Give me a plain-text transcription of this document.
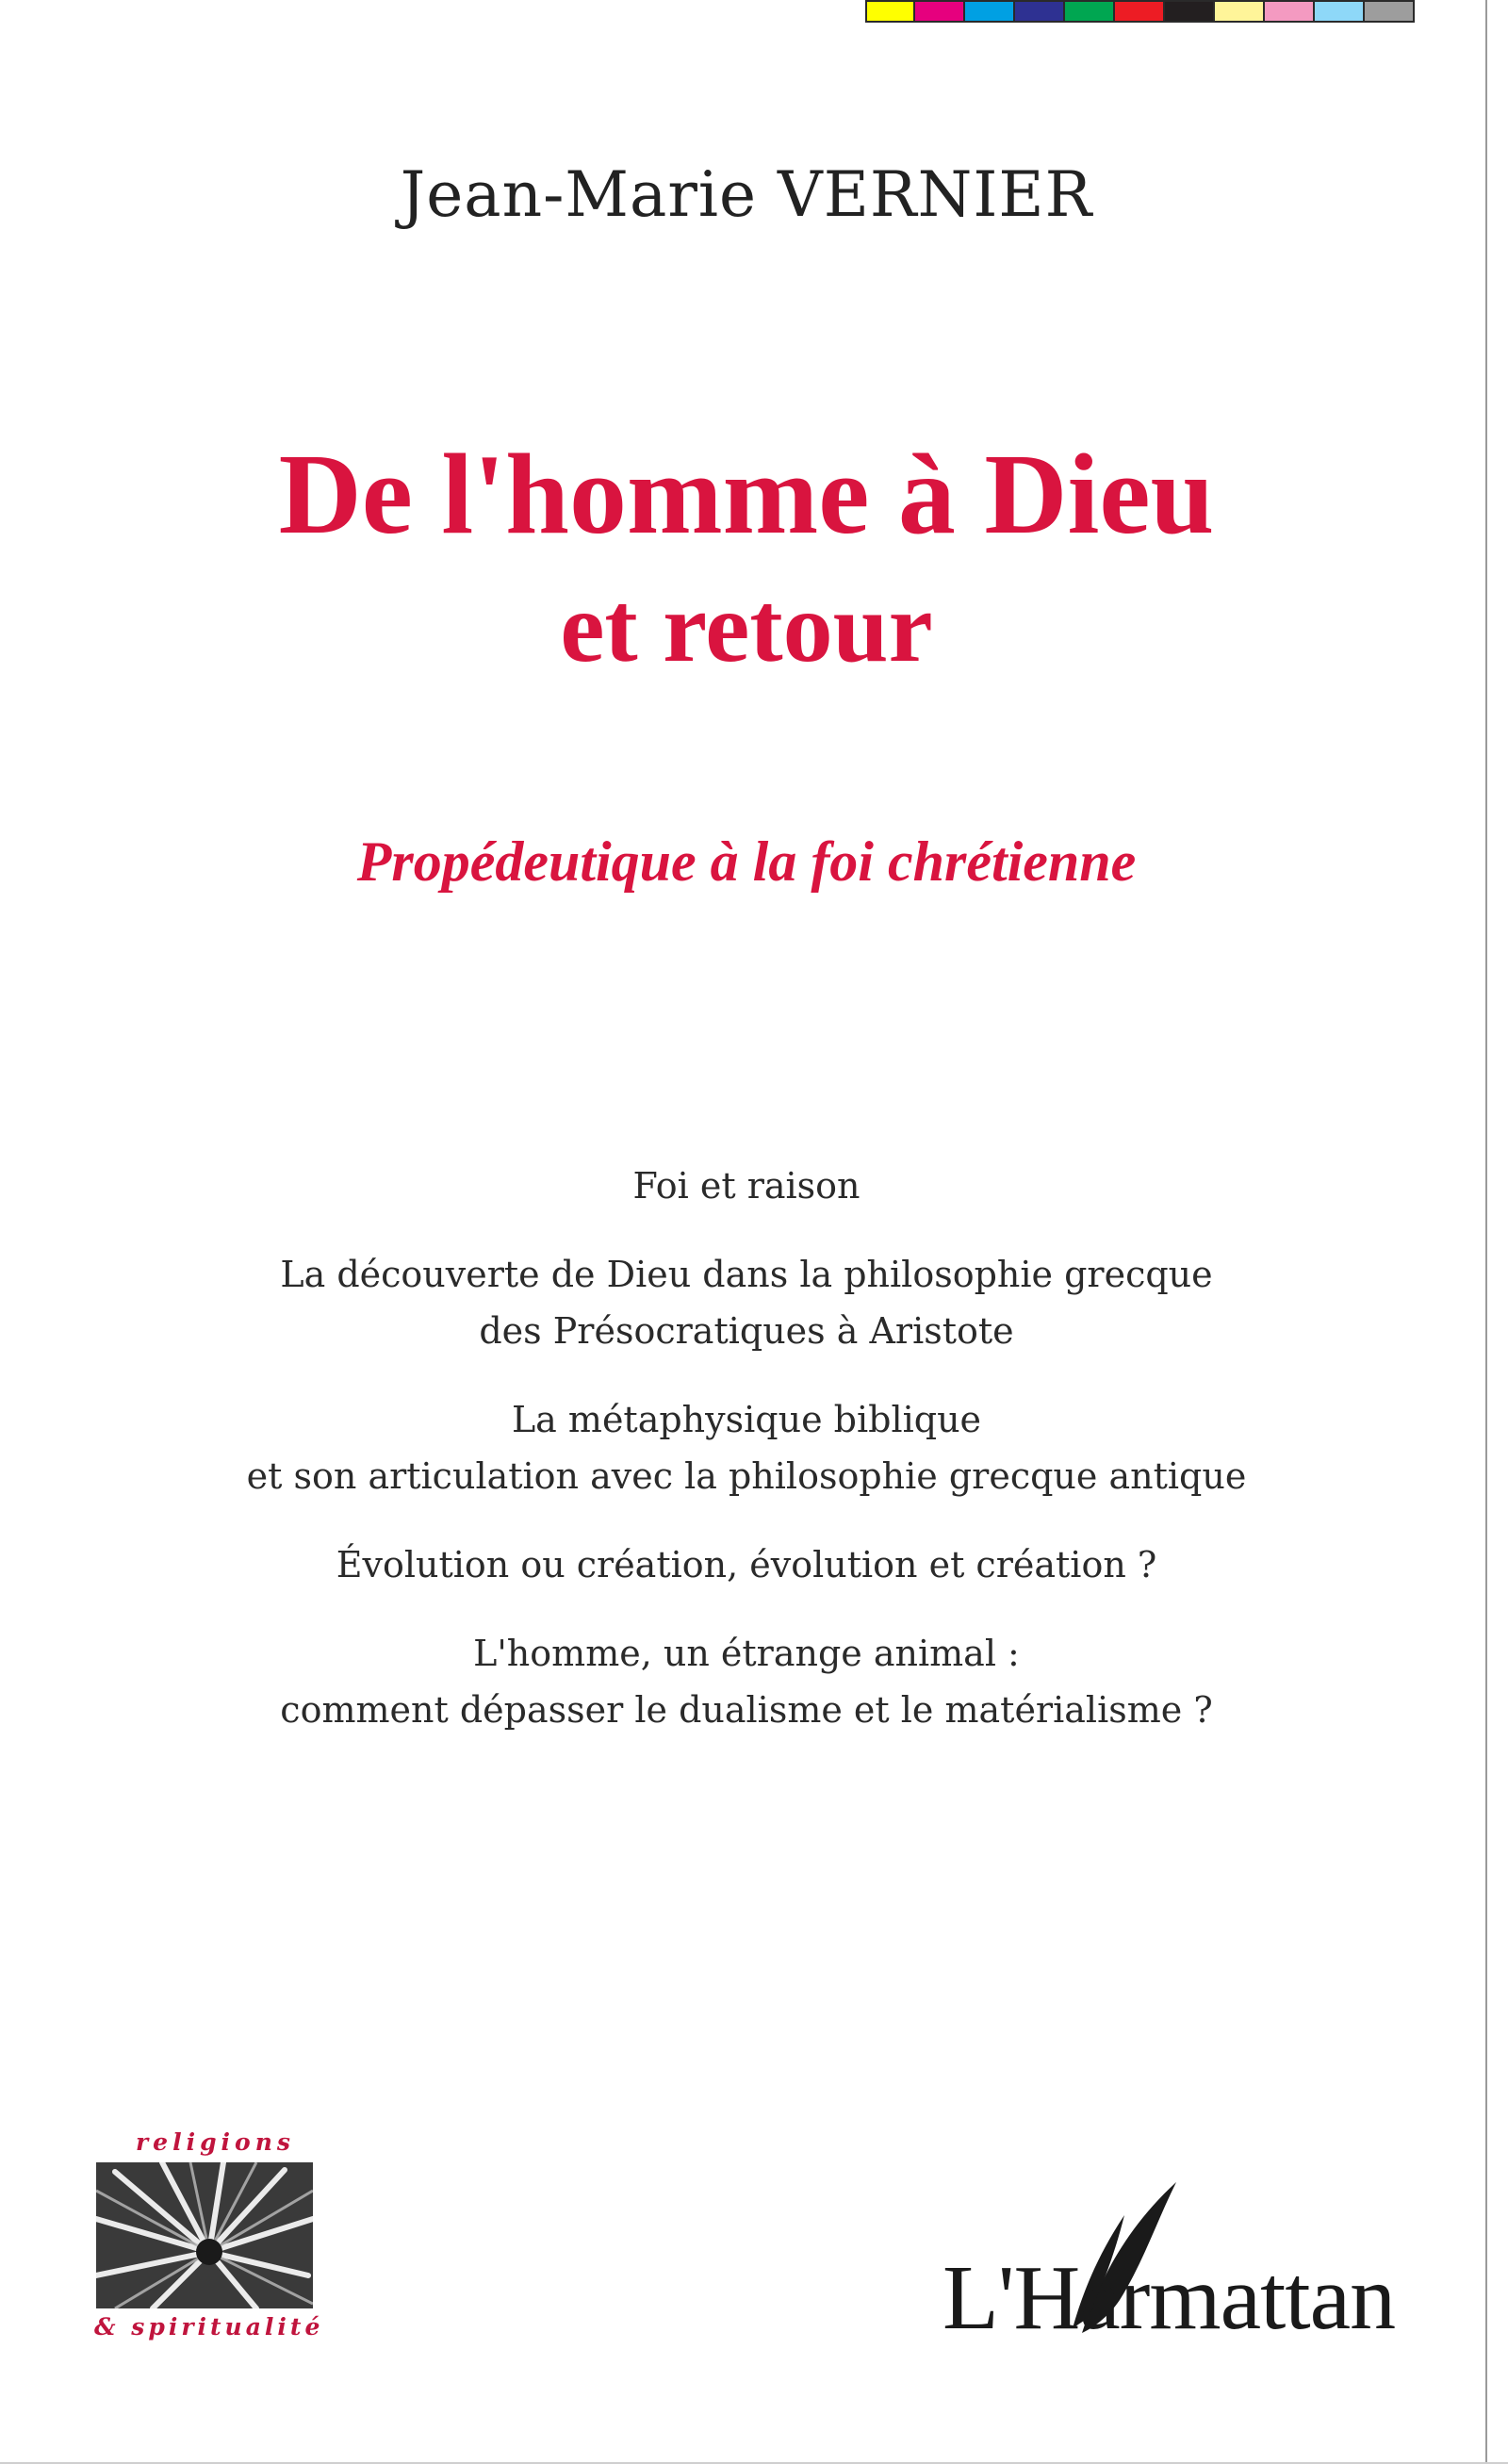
Jean-Marie VERNIER
De l'homme à Dieu
et retour
Propédeutique à la foi chrétienne
Foi et raison
La découverte de Dieu dans la philosophie grecque
des Présocratiques à Aristote
La métaphysique biblique
et son articulation avec la philosophie grecque antique
Évolution ou création, évolution et création ?
L'homme, un étrange animal :
comment dépasser le dualisme et le matérialisme ?
religions
& spiritualité	L'Harmattan
